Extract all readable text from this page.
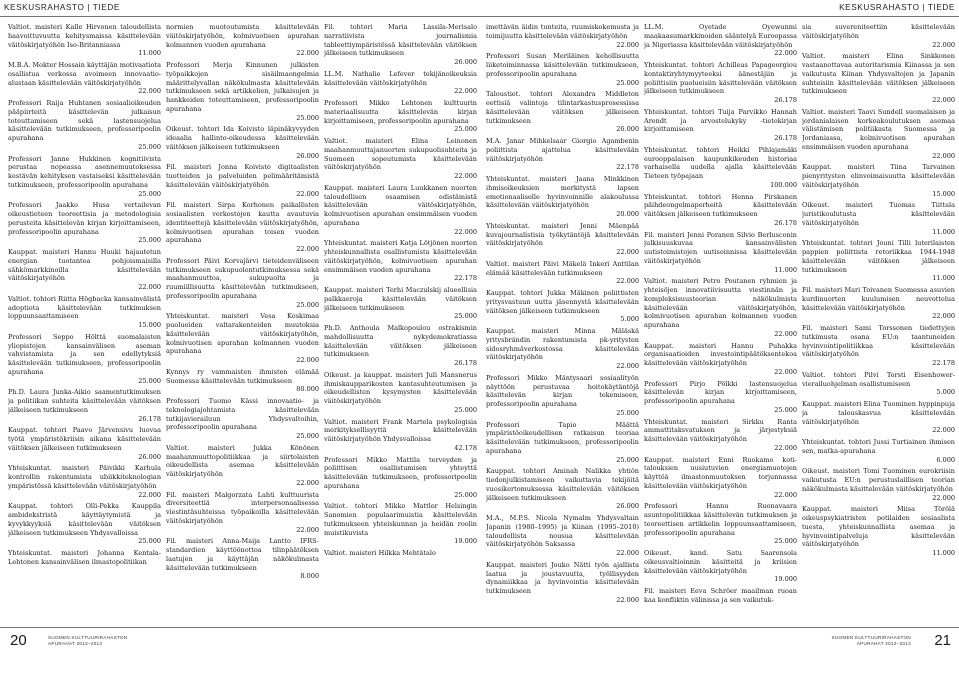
KESKUSRAHASTO | TIEDE	KESKUSRAHASTO | TIEDE
Valtiot. maisteri Kalle Hirvonen taloudellista haavoittuvuutta kehitysmaissa käsittelevään väitöskirjatyöhön Iso-Britanniassa
11.000
M.B.A. Mokter Hossain käyttäjän motivaatiota osallistua verkossa avoimeen innovaatio-alustaan käsittelevään väitöskirjatyöhön
22.000
Professori Raija Huhtanen sosiaalioikeuden pääpiirteitä käsittelevän julkaisun toteuttamiseen sekä lastensuojelua käsittelevään tutkimukseen, professoripoolin apurahana
25.000
Professori Janne Hukkinen kognitiivista perustaa nopeassa asennemuutoksessa kestävän kehityksen vastaiseksi käsittelevään tutkimukseen, professoripoolin apurahana
25.000
Professori Jaakko Husa vertailevan oikeustieteen teoreettisia ja metodologisia perusteita käsittelevän kirjan kirjoittamiseen, professoripoolin apurahana
25.000
Kauppat. maisteri Hannu Huuki hajautetun energian tuotantoa pohjoismaisilla sähkömarkkinoilla käsittelevään väitöskirjatyöhön
22.000
Valtiot. tohtori Riitta Högbacka kansainvälistä adoptiota käsittelevään tutkimuksen loppuunsaattamiseen
15.000
Professori Seppo Hölttä suomalaisten yliopistojen kansainvälisen aseman vahvistamista ja sen edellytyksiä käsittelevään tutkimukseen, professoripoolin apurahana
25.000
Ph.D. Laura Junka-Aikio saamentutkimuksen ja politiikan suhteita käsittelevään väitöksen jälkeiseen tutkimukseen
26.178
Kauppat. tohtori Paavo Järvensivu luovaa työtä ympäristökriisin aikana käsittelevään väitöksen jälkeiseen tutkimukseen
26.000
Yhteiskuntat. maisteri Päivikki Karhula kontrollin rakentumista ubiikkiteknologian ympäristössä käsittelevään väitöskirjatyöhön
22.000
Kauppat. tohtori Olli-Pekka Kauppila ambidekstristä käyttäytymistä ja kyvykkyyksiä käsittelevään väitöksen jälkeiseen tutkimukseen Yhdysvalloissa
25.000
Yhteiskuntat. maisteri Johanna Kentala-Lehtonen kansainvälisen ilmastopolitiikan
normien muotoutumista käsittelevään väitöskirjatyöhön, kolmivuotisen apurahan kolmannen vuoden apurahana
22.000
Professori Merja Kinnunen julkisten työpaikkojen sisäilmaongelmia määrittelyvallan näkökulmasta käsittelevään tutkimukseen sekä artikkelien, julkaisujen ja hankkeiden toteuttamiseen, professoripoolin apurahana
25.000
Oikeust. tohtori Ida Koivisto läpinäkyvyyden ideaalia hallinto-oikeudessa käsittelevään väitöksen jälkeiseen tutkimukseen
26.000
Fil. maisteri Jonna Koivisto digitaalisten tuotteiden ja palveluiden pelimääritämistä käsittelevään väitöskirjatyöhön
22.000
Fil. maisteri Sirpa Korhonen paikallisten sosiaalisten verkostojen kautta avautuvia identiteettejä käsittelevään väitöskirjatyöhön, kolmivuotisen apurahan toisen vuoden apurahana
22.000
Professori Päivi Korvajärvi tieteidenväliseen tutkimukseen sukupuolentutkimuksessa sekä maahanmuuttoa, sukupuolta ja ruumiillisuutta käsittelevään tutkimukseen, professoripoolin apurahana
25.000
Yhteiskuntat. maisteri Vesa Koskimaa puolueiden valtarakenteiden muutoksia käsittelevään väitöskirjatyöhön, kolmivuotisen apurahan kolmannen vuoden apurahana
22.000
Kynnys ry vammaisten ihmisten elämää Suomessa käsittelevään tutkimukseen
80.000
Professori Tuomo Kässi innovaatio- ja teknologiajohtamista käsittelevään tutkijavierailuun Yhdysvaltoihin, professoripoolin apurahana
25.000
Valtiot. maisteri Jukka Könönen maahanmuuttopolitiikkaa ja siirtolaisten oikeudellista asemaa käsittelevään väitöskirjatyöhön
22.000
Fil. maisteri Malgorzata Lahti kulttuurista diversiteettiä interpersonaalisessa viestintäsuhteissa työpaikoilla käsittelevään väitöskirjatyöhön
22.000
Fil. maisteri Anna-Maija Lantto IFRS-standardien käyttöönottoa tilinpäätöksen laatujen ja käyttäjän näkökulmasta käsittelevään tutkimukseen
8.000
Fil. tohtori Maria Lassila-Merisalo narratiivista journalismia tableettiympäristössä käsittelevään väitöksen jälkeiseen tutkimukseen
26.000
LL.M. Nathalie Lefever tekijänoikeuksia käsittelevään väitöskirjatyöhön
22.000
Professori Mikko Lehtonen kulttuurin materiaalisuutta käsittelevän kirjan kirjoittamiseen, professoripoolin apurahana
25.000
Valtiot. maisteri Elina Leinonen maahanmuuttajanuorten sukupuolisuhteita ja Suomeen sopeutumista käsittelevään väitöskirjatyöhön
22.000
Kauppat. maisteri Laura Luukkanen nuorten taloudellisen osaamisen edistämistä käsittelevään väitöskirjatyöhön, kolmivuotisen apurahan ensimmäisen vuoden apurahana
22.000
Yhteiskuntat. maisteri Katja Lötjönen nuorten yhteiskunnallista osallistumista käsittelevään väitöskirjatyöhön, kolmivuotisen apurahan ensimmäisen vuoden apurahana
22.178
Kauppat. maisteri Terhi Maczulskij alueellisia palkkaeroja käsittelevään väitöksen jälkeiseen tutkimukseen
25.000
Ph.D. Anthoula Malkopoulou ostrakismin mahdollisuutta nykydemokratiassa käsittelevään väitöksen jälkeiseen tutkimukseen
26.178
Oikeust. ja kauppat. maisteri Juli Mansnerus ihmiskaupparikosten kantasuhteutumisen ja oikeudellisten kysymysten käsittelevään väitöskirjatyöhön
25.000
Valtiot. maisteri Frank Martela psykologisia merkityksellisyyttä käsittelevään väitöskirjatyöhön Yhdysvalloissa
42.178
Professori Mikko Mattila terveyden ja poliittisen osallistumisen yhteyttä käsittelevään tutkimukseen, professoripoolin apurahana
25.000
Valtiot. tohtori Mikko Mattler Helsingin Sanomien populaarimuistia käsittelevään tutkimukseen yhteiskunnan ja heidän roolin muistikuvista
19.000
Valtiot. maisteri Hilkka Mehtätalo
imettävän äidin tunteita, ruumiskokemusta ja toimijuutta käsittelevään väitöskirjatyöhön
22.000
Professori Susan Meriläinen kehollisuutta liiketoiminnassa käsittelevään tutkimukseen, professoripoolin apurahana
25.000
Taloustiet. tohtori Alexandra Middleton eettisiä valintoja tilintarkastusprosessissa käsittelevään väitöksen jälkeiseen tutkimukseen
26.000
M.A. Janar Mihkelsaar Giorgio Agambenin poliittista ajattelua käsittelevään väitöskirjatyöhön
22.178
Yhteiskuntat. maisteri Jaana Minkkinen ihmisoikeuksien merkitystä lapsen emotionaaliselle hyvinvoinnille alakoulussa käsittelevään väitöskirjatyöhön
20.000
Yhteiskuntat. maisteri Jenni Mäenpää kuvajournalistisia työkytäntöjä käsittelevään väitöskirjatyöhön
22.000
Valtiot. maisteri Päivi Mäkelä Inkeri Anttilan elämää käsittelevään tutkimukseen
22.000
Kauppat. tohtori Jukka Mäkinen poliittisten yritysvastuun uutta jäsennystä käsittelevään väitöksen jälkeiseen tutkimukseen
5.000
Kauppat. maisteri Minna Mäläskä yritysbrändin rakentumista pk-yritysten sidosryhmäverkostossa käsittelevään väitöskirjatyöhön
22.000
Professori Mikko Mäntysaari sosiaalityön näyttöön perustuvaa hoitokäytäntöjä käsittelevän kirjan tekemiseen, professoripoolin apurahana
25.000
Professori Tapio Määttä ympäristöoikeudellisen ratkaisun teoriaa käsittelevään tutkimukseen, professoripoolin apurahana
25.000
Kauppat. tohtori Aminah Nalikka yhtiön tiedonjulkistamiseen vaikuttavia tekijöitä vuosikertomuksessa käsittelevään väitöksen jälkeiseen tutkimukseen
26.000
M.A., M.P.S. Nicola Nymalm Yhdysvaltain Japanin (1980–1995) ja Kiinan (1995–2010) taloudellista nousua käsittelevään väitöskirjatyöhön Saksassa
22.000
Kauppat. maisteri Jouko Nätti työn ajallista laatua ja joustavuutta, työllisyyden dynamiikkaa ja hyvinvointia käsittelevään tutkimukseen
22.000
LL.M. Oyetade Oyewunmi maakaasumarkkinoiden sääntelyä Euroopassa ja Nigeriassa käsittelevään väitöskirjatyöhön
22.000
Yhteiskuntat. tohtori Achilleas Papageorgiou kontaktiryhtymyyteeksi äänestäjiin ja poliittisiin puolueisiin käsittelevään väitöksen jälkeiseen tutkimukseen
26.178
Yhteiskuntat. tohtori Tuija Parvikko Hannah Arendt ja arvostelukyky -tietokirjan kirjoittamiseen
26.178
Yhteiskuntat. tohtori Heikki Pihlajamäki eurooppalaisen kaupunkikeuden historiaa varhaisella uudella ajalla käsittelevään Tieteen työpajaan
100.000
Yhteiskuntat. tohtori Henna Pirskanen päihdeongelmaperheitä käsittelevään väitöksen jälkeiseen tutkimukseen
26.178
Fil. maisteri Jenni Poranen Silvio Berlusconin julkisuuskuvaa kansainvälisten uutistoimistojen uutisoinnissa käsittelevään väitöskirjatyöhön
11.000
Valtiot. maisteri Petro Poutanen ryhmien ja yhteisöjen innovatiivisuutta viestinnän ja kompleksisuusteorian näkökulmista käsittelevään väitöskirjatyöhön, kolmivuotisen apurahan kolmannen vuoden apurahana
22.000
Kauppat. maisteri Hannu Puhakka organisaatioiden investointipäätöksentekoa käsittelevään väitöskirjatyöhön
22.000
Professori Pirjo Pölkki lastensuojelua käsittelevän kirjan kirjoittamiseen, professoripoolin apurahana
25.000
Yhteiskuntat. maisteri Sirkku Ranta ammattitaksvatuksen ja järjestyksiä käsittelevään väitöskirjatyöhön
22.000
Kauppat. maisteri Enni Ruokamo koti-talouksien uusiutuvien energiamuotojen käyttöä ilmastonmuutoksen torjunnassa käsittelevään väitöskirjatyöhön
22.000
Professori Hannu Ruonavaara asuntopolitiikkaa käsittelevän tutkimuksen ja teoreettisen artikkelin loppuunsaattamiseen, professoripoolin apurahana
25.000
Oikeust. kand. Satu Saarensola oikeusvaltioinnin käsitteitä ja kriisien käsittelevään väitöskirjatyöhön
19.000
Fil. maisteri Eeva Schröer maailman ruoan kaa konfliktin välinissa ja sen vaikutuk-
sia suvereniteettiin käsittelevään väitöskirjatyöhön
22.000
Valtiot. maisteri Elina Sinkkonen vastaanottavaa autoritarismia Kiinassa ja sen vaikutusta Kiinan Yhdysvaltojen ja Japanin suhteisiin käsittelevään väitöksen jälkeiseen tutkimukseen
22.000
Valtiot. maisteri Taavi Sundell suomalaisen ja jordanialaisen korkeakoulutuksen asemaa välistämisen politiikasta Suomessa ja Jordaniassa, kolmivuotisen apurahan ensimmäisen vuoden apurahana
22.000
Kauppat. maisteri Tiina Tarvainen pienyritysten elinvoimaisuutta käsittelevään väitöskirjatyöhön
15.000
Oikeust. maisteri Tuomas Tiittala juristikoulutusta käsittelevään väitöskirjatyöhön
11.000
Yhteiskuntat. tohtori Jouni Tilli luterilaisten pappien poliittista retoriikkaa 1944-1948 käsittelevään väitöksen jälkeiseen tutkimukseen
11.000
Fil. maisteri Mari Toivanen Suomessa asuvien kurdinuorten kuulumisen neuvottelua käsittelevään väitöskirjatyöhön
22.000
Fil. maisteri Sami Torssonen tiedettyjen tutkimusta osana EU:n taantuneiden hyvinvointipolitiikkaa käsittelevään väitöskirjatyöhön
22.178
Valtiot. tohtori Pilvi Torsti Eisenhower-vierailuohjelman osallistumiseen
5.000
Kauppat. maisteri Elina Tuominen hyppinpuja ja talouskasvua käsittelevään väitöskirjatyöhön
22.000
Yhteiskuntat. tohtori Jussi Turtiainen ihmisen sen, matka-apurahana
6.000
Oikeust. maisteri Tomi Tuominen eurokriisin vaikutusta EU:n perustuslaillisen teorian näkökulmasta käsittelevään väitöskirjatyöhön
22.000
Kauppat. maisteri Miisa Törölä oikeuspsykiatristen potilaiden sosiaalista tuesta, yhteiskunnallista asemaa ja hyvinvointipalveluja käsittelevään väitöskirjatyöhön
11.000
20	SUOMEN KULTTUURIRAHASTON
APURAHAT 2012–2013
SUOMEN KULTTUURIRAHASTON
APURAHAT 2012–2013 21
